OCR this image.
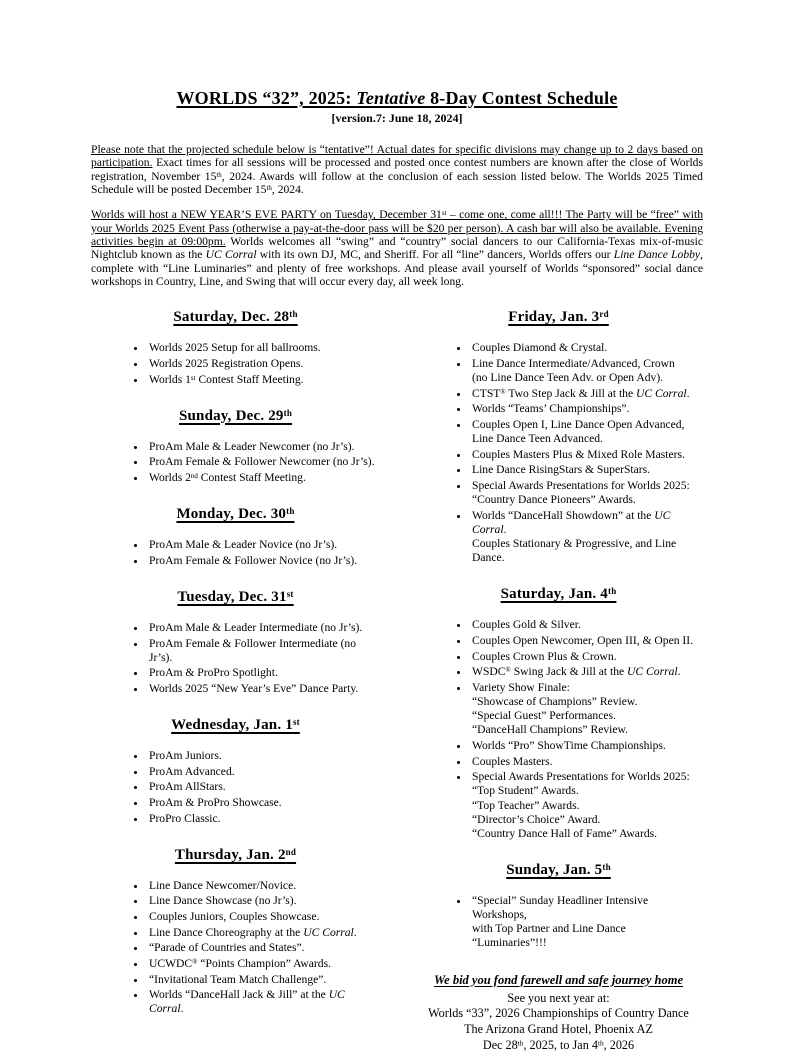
WORLDS “32”, 2025: Tentative 8-Day Contest Schedule
[version.7: June 18, 2024]

Please note that the projected schedule below is “tentative”! Actual dates for specific divisions may change up to 2 days based on participation. Exact times for all sessions will be processed and posted once contest numbers are known after the close of Worlds registration, November 15th, 2024. Awards will follow at the conclusion of each session listed below. The Worlds 2025 Timed Schedule will be posted December 15th, 2024.

Worlds will host a NEW YEAR’S EVE PARTY on Tuesday, December 31st – come one, come all!!! The Party will be “free” with your Worlds 2025 Event Pass (otherwise a pay-at-the-door pass will be $20 per person). A cash bar will also be available. Evening activities begin at 09:00pm. Worlds welcomes all “swing” and “country” social dancers to our California-Texas mix-of-music Nightclub known as the UC Corral with its own DJ, MC, and Sheriff. For all “line” dancers, Worlds offers our Line Dance Lobby, complete with “Line Luminaries” and plenty of free workshops. And please avail yourself of Worlds “sponsored” social dance workshops in Country, Line, and Swing that will occur every day, all week long.

Saturday, Dec. 28th
• Worlds 2025 Setup for all ballrooms.
• Worlds 2025 Registration Opens.
• Worlds 1st Contest Staff Meeting.
Sunday, Dec. 29th
• ProAm Male & Leader Newcomer (no Jr’s).
• ProAm Female & Follower Newcomer (no Jr’s).
• Worlds 2nd Contest Staff Meeting.
Monday, Dec. 30th
• ProAm Male & Leader Novice (no Jr’s).
• ProAm Female & Follower Novice (no Jr’s).
Tuesday, Dec. 31st
• ProAm Male & Leader Intermediate (no Jr’s).
• ProAm Female & Follower Intermediate (no Jr’s).
• ProAm & ProPro Spotlight.
• Worlds 2025 “New Year’s Eve” Dance Party.
Wednesday, Jan. 1st
• ProAm Juniors.
• ProAm Advanced.
• ProAm AllStars.
• ProAm & ProPro Showcase.
• ProPro Classic.
Thursday, Jan. 2nd
• Line Dance Newcomer/Novice.
• Line Dance Showcase (no Jr’s).
• Couples Juniors, Couples Showcase.
• Line Dance Choreography at the UC Corral.
• “Parade of Countries and States”.
• UCWDC® “Points Champion” Awards.
• “Invitational Team Match Challenge”.
• Worlds “DanceHall Jack & Jill” at the UC Corral.
Friday, Jan. 3rd
• Couples Diamond & Crystal.
• Line Dance Intermediate/Advanced, Crown
(no Line Dance Teen Adv. or Open Adv).
• CTST® Two Step Jack & Jill at the UC Corral.
• Worlds “Teams’ Championships”.
• Couples Open I, Line Dance Open Advanced,
Line Dance Teen Advanced.
• Couples Masters Plus & Mixed Role Masters.
• Line Dance RisingStars & SuperStars.
• Special Awards Presentations for Worlds 2025:
“Country Dance Pioneers” Awards.
• Worlds “DanceHall Showdown” at the UC Corral.
Couples Stationary & Progressive, and Line Dance.
Saturday, Jan. 4th
• Couples Gold & Silver.
• Couples Open Newcomer, Open III, & Open II.
• Couples Crown Plus & Crown.
• WSDC® Swing Jack & Jill at the UC Corral.
• Variety Show Finale:
“Showcase of Champions” Review.
“Special Guest” Performances.
“DanceHall Champions” Review.
• Worlds “Pro” ShowTime Championships.
• Couples Masters.
• Special Awards Presentations for Worlds 2025:
“Top Student” Awards.
“Top Teacher” Awards.
“Director’s Choice” Award.
“Country Dance Hall of Fame” Awards.
Sunday, Jan. 5th
• “Special” Sunday Headliner Intensive Workshops,
with Top Partner and Line Dance “Luminaries”!!!
We bid you fond farewell and safe journey home
See you next year at:
Worlds “33”, 2026 Championships of Country Dance
The Arizona Grand Hotel, Phoenix AZ
Dec 28th, 2025, to Jan 4th, 2026
